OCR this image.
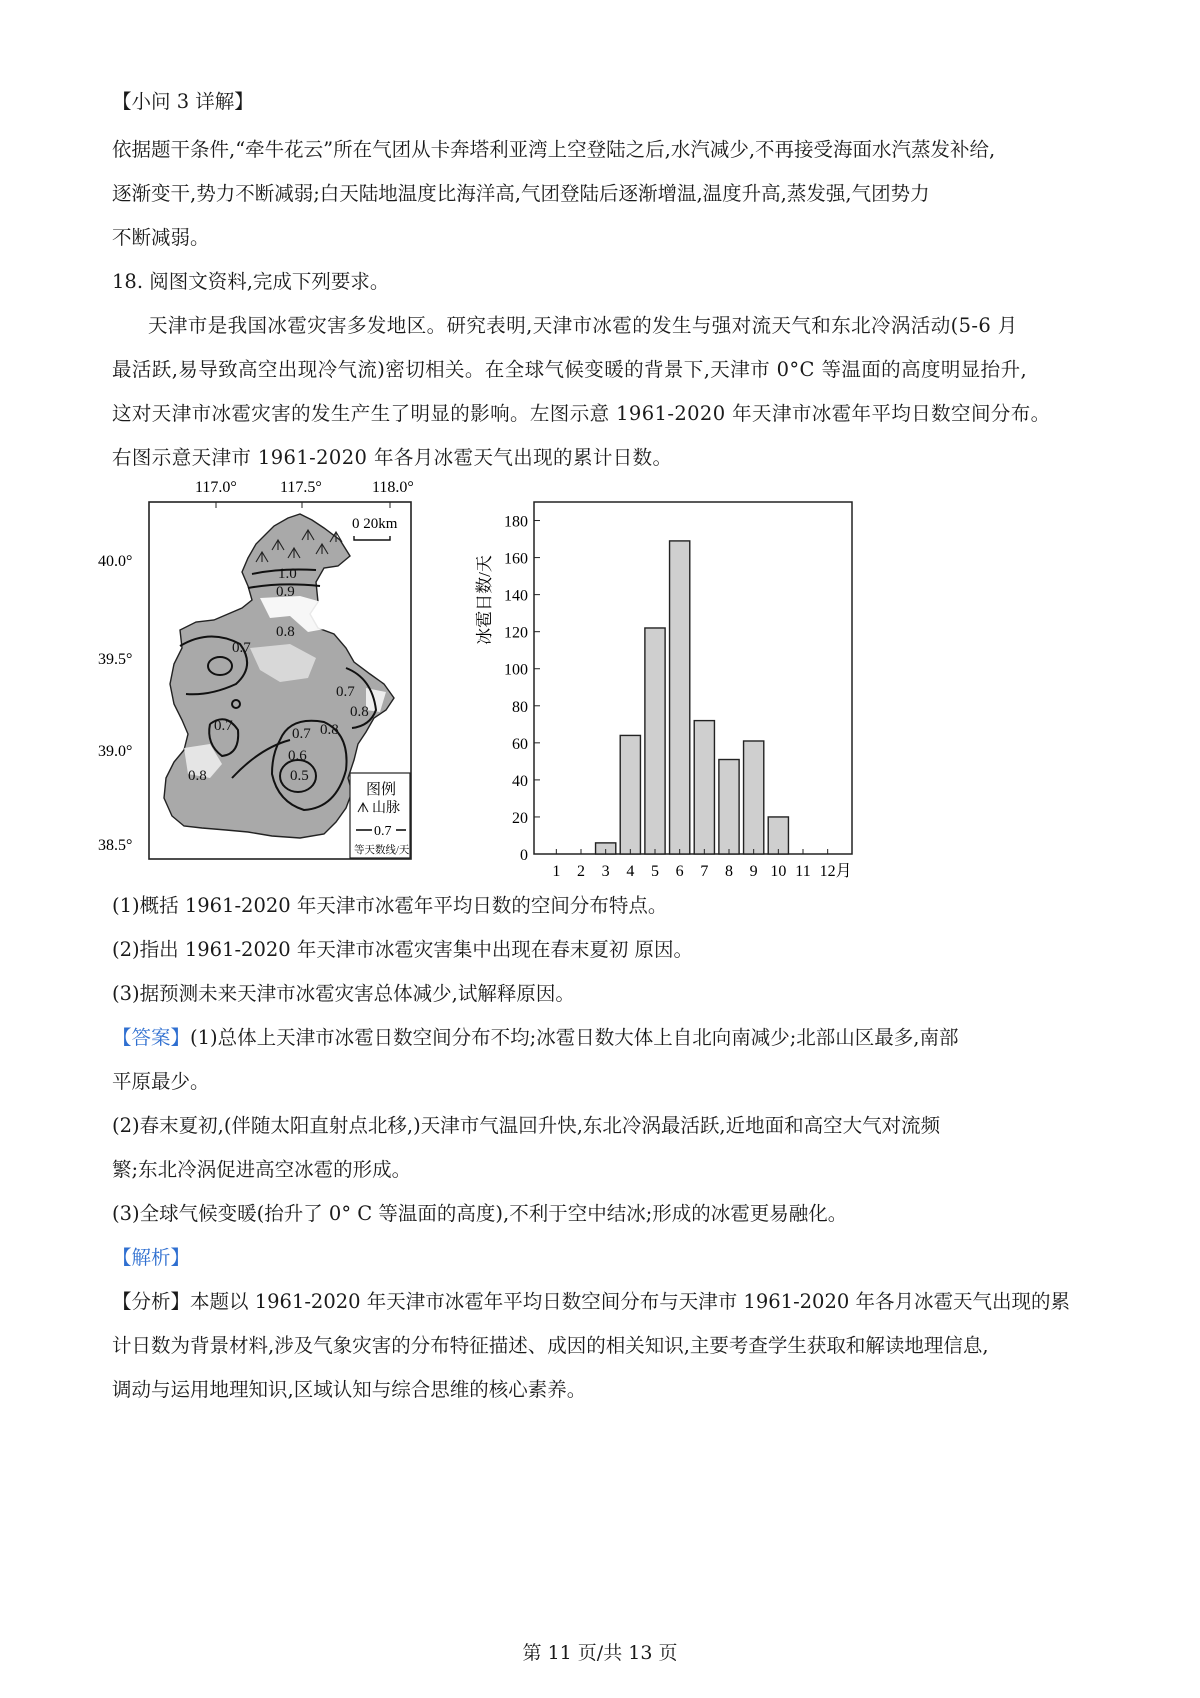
【小问 3 详解】
依据题干条件,“牵牛花云”所在气团从卡奔塔利亚湾上空登陆之后,水汽减少,不再接受海面水汽蒸发补给,
逐渐变干,势力不断减弱;白天陆地温度比海洋高,气团登陆后逐渐增温,温度升高,蒸发强,气团势力
不断减弱。
18. 阅图文资料,完成下列要求。
天津市是我国冰雹灾害多发地区。研究表明,天津市冰雹的发生与强对流天气和东北冷涡活动(5-6 月
最活跃,易导致高空出现冷气流)密切相关。在全球气候变暖的背景下,天津市 0°C 等温面的高度明显抬升,
这对天津市冰雹灾害的发生产生了明显的影响。左图示意 1961-2020 年天津市冰雹年平均日数空间分布。
右图示意天津市 1961-2020 年各月冰雹天气出现的累计日数。
117.0°	117.5°	118.0°
1.0
0.9
0.8
0.7
0.7
0.7	0.8
0.7
0.8
0.6
0.5
0.8
0 20km
图例
山脉
0.7
等天数线/天
40.0°
39.5°
39.0°
38.5°
冰雹日数/天
0
20
40
60
80
100
120
140
160
180
1 2 3 4 5 6 7 8 9 10 11 12月
(1)概括 1961-2020 年天津市冰雹年平均日数的空间分布特点。
(2)指出 1961-2020 年天津市冰雹灾害集中出现在春末夏初 原因。
(3)据预测未来天津市冰雹灾害总体减少,试解释原因。
【答案】(1)总体上天津市冰雹日数空间分布不均;冰雹日数大体上自北向南减少;北部山区最多,南部
平原最少。
(2)春末夏初,(伴随太阳直射点北移,)天津市气温回升快,东北冷涡最活跃,近地面和高空大气对流频
繁;东北冷涡促进高空冰雹的形成。
(3)全球气候变暖(抬升了 0° C 等温面的高度),不利于空中结冰;形成的冰雹更易融化。
【解析】
【分析】本题以 1961-2020 年天津市冰雹年平均日数空间分布与天津市 1961-2020 年各月冰雹天气出现的累
计日数为背景材料,涉及气象灾害的分布特征描述、成因的相关知识,主要考查学生获取和解读地理信息,
调动与运用地理知识,区域认知与综合思维的核心素养。
第 11 页/共 13 页
